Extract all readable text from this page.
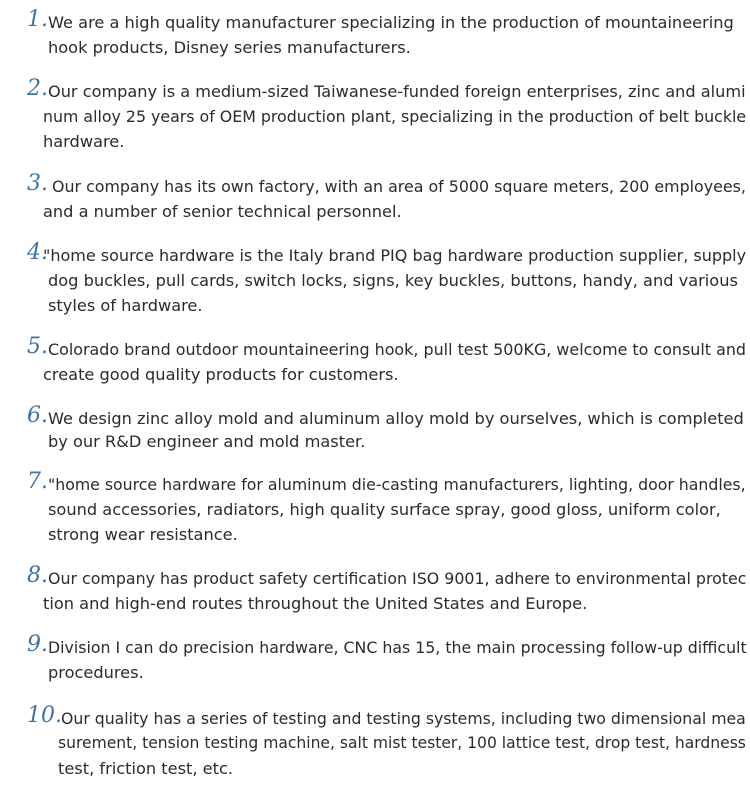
1. We are a high quality manufacturer specializing in the production of mountaineering
hook products, Disney series manufacturers.
2. Our company is a medium-sized Taiwanese-funded foreign enterprises, zinc and alumi
num alloy 25 years of OEM production plant, specializing in the production of belt buckle
hardware.
3. Our company has its own factory, with an area of 5000 square meters, 200 employees,
and a number of senior technical personnel.
4.
"home source hardware is the Italy brand PIQ bag hardware production supplier, supply
dog buckles, pull cards, switch locks, signs, key buckles, buttons, handy, and various
styles of hardware.
5. Colorado brand outdoor mountaineering hook, pull test 500KG, welcome to consult and
create good quality products for customers.
6. We design zinc alloy mold and aluminum alloy mold by ourselves, which is completed
by our R&D engineer and mold master.
7. "home source hardware for aluminum die-casting manufacturers, lighting, door handles,
sound accessories, radiators, high quality surface spray, good gloss, uniform color,
strong wear resistance.
8. Our company has product safety certification ISO 9001, adhere to environmental protec
tion and high-end routes throughout the United States and Europe.
9. Division I can do precision hardware, CNC has 15, the main processing follow-up difficult
procedures.
10. Our quality has a series of testing and testing systems, including two dimensional mea
surement, tension testing machine, salt mist tester, 100 lattice test, drop test, hardness
test, friction test, etc.
